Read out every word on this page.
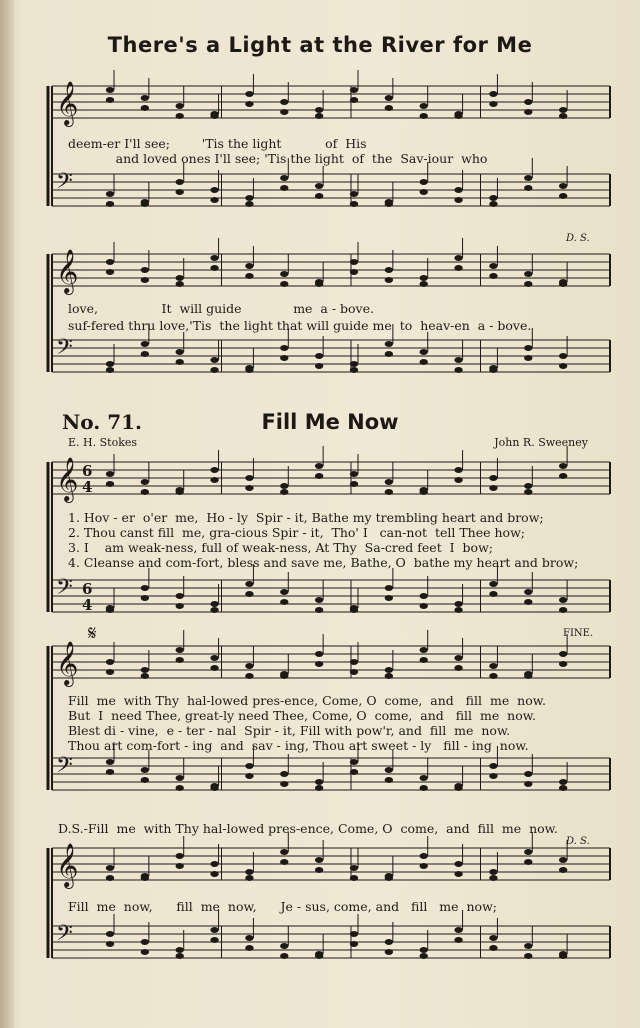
There's a Light at the River for Me
𝄞
𝄢
𝄞
𝄢
𝄞
𝄢
𝄞
𝄢
𝄞
𝄢
6
4
6
4
𝄋
D. S.
deem-er I'll see;        'Tis the light           of  His
and loved ones I'll see; 'Tis the light  of  the  Sav-iour  who
love,                It  will guide             me  a - bove.
suf-fered thru love,'Tis  the light that will guide me  to  heav-en  a - bove.
No. 71.	Fill Me Now
E. H. Stokes	John R. Sweeney
1. Hov - er  o'er  me,  Ho - ly  Spir - it, Bathe my trembling heart and brow;
2. Thou canst fill  me, gra-cious Spir - it,  Tho' I   can-not  tell Thee how;
3. I    am weak-ness, full of weak-ness, At Thy  Sa-cred feet  I  bow;
4. Cleanse and com-fort, bless and save me, Bathe, O  bathe my heart and brow;
FINE.
Fill  me  with Thy  hal-lowed pres-ence, Come, O  come,  and   fill  me  now.
But  I  need Thee, great-ly need Thee, Come, O  come,  and   fill  me  now.
Blest di - vine,  e - ter - nal  Spir - it, Fill with pow'r, and  fill  me  now.
Thou art com-fort - ing  and  sav - ing, Thou art sweet - ly   fill - ing  now.
D.S.-Fill  me  with Thy hal-lowed pres-ence, Come, O  come,  and  fill  me  now.
D. S.
Fill  me  now,      fill  me  now,      Je - sus, come, and   fill   me  now;
